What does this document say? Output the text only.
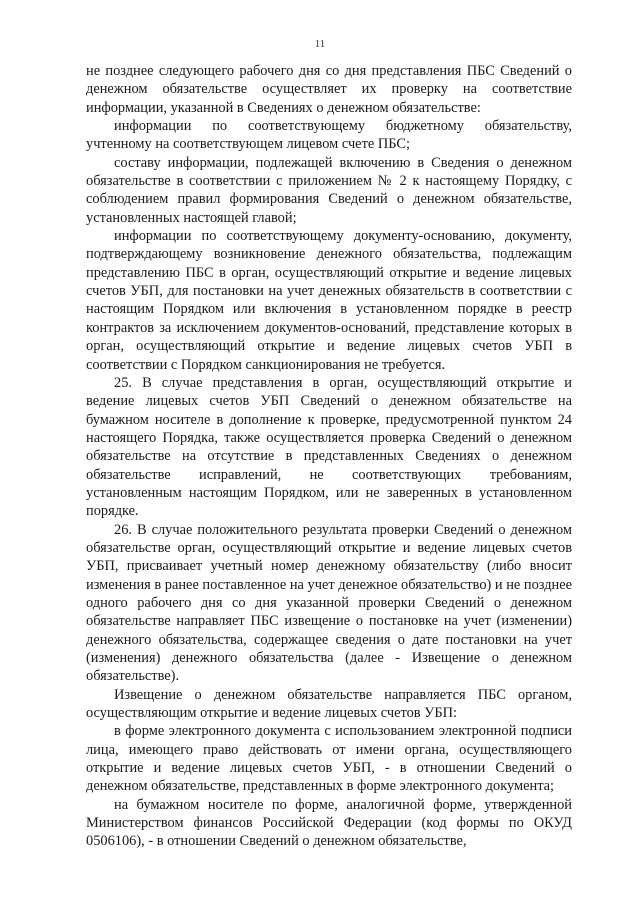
11

не позднее следующего рабочего дня со дня представления ПБС Сведений о денежном обязательстве осуществляет их проверку на соответствие информации, указанной в Сведениях о денежном обязательстве:

информации по соответствующему бюджетному обязательству, учтенному на соответствующем лицевом счете ПБС;

составу информации, подлежащей включению в Сведения о денежном обязательстве в соответствии с приложением № 2 к настоящему Порядку, с соблюдением правил формирования Сведений о денежном обязательстве, установленных настоящей главой;

информации по соответствующему документу-основанию, документу, подтверждающему возникновение денежного обязательства, подлежащим представлению ПБС в орган, осуществляющий открытие и ведение лицевых счетов УБП, для постановки на учет денежных обязательств в соответствии с настоящим Порядком или включения в установленном порядке в реестр контрактов за исключением документов-оснований, представление которых в орган, осуществляющий открытие и ведение лицевых счетов УБП в соответствии с Порядком санкционирования не требуется.

25. В случае представления в орган, осуществляющий открытие и ведение лицевых счетов УБП Сведений о денежном обязательстве на бумажном носителе в дополнение к проверке, предусмотренной пунктом 24 настоящего Порядка, также осуществляется проверка Сведений о денежном обязательстве на отсутствие в представленных Сведениях о денежном обязательстве исправлений, не соответствующих требованиям, установленным настоящим Порядком, или не заверенных в установленном порядке.

26. В случае положительного результата проверки Сведений о денежном обязательстве орган, осуществляющий открытие и ведение лицевых счетов УБП, присваивает учетный номер денежному обязательству (либо вносит изменения в ранее поставленное на учет денежное обязательство) и не позднее одного рабочего дня со дня указанной проверки Сведений о денежном обязательстве направляет ПБС извещение о постановке на учет (изменении) денежного обязательства, содержащее сведения о дате постановки на учет (изменения) денежного обязательства (далее - Извещение о денежном обязательстве).

Извещение о денежном обязательстве направляется ПБС органом, осуществляющим открытие и ведение лицевых счетов УБП:

в форме электронного документа с использованием электронной подписи лица, имеющего право действовать от имени органа, осуществляющего открытие и ведение лицевых счетов УБП, - в отношении Сведений о денежном обязательстве, представленных в форме электронного документа;

на бумажном носителе по форме, аналогичной форме, утвержденной Министерством финансов Российской Федерации (код формы по ОКУД 0506106), - в отношении Сведений о денежном обязательстве,
